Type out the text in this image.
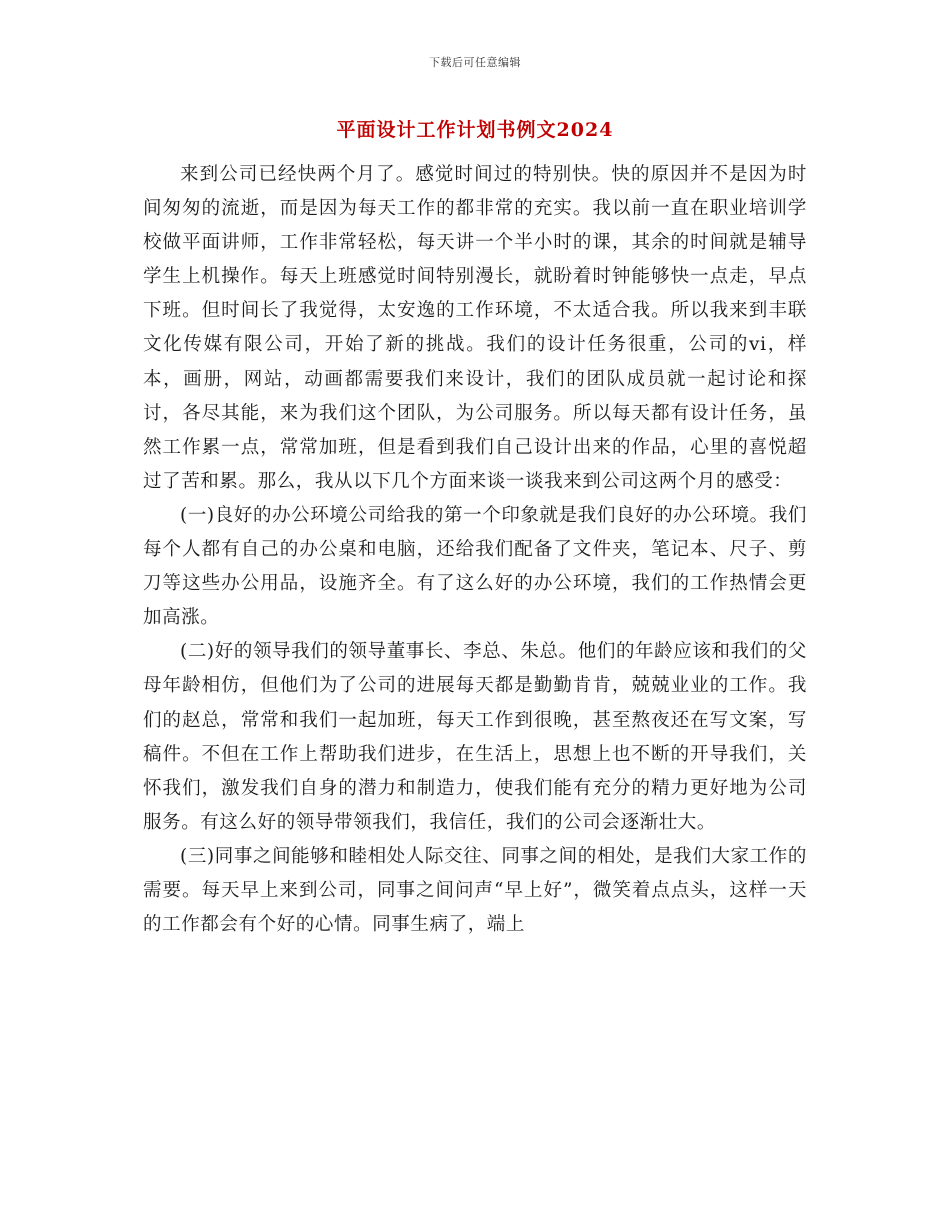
下载后可任意编辑
平面设计工作计划书例文2024

来到公司已经快两个月了。感觉时间过的特别快。快的原因并不是因为时间匆匆的流逝，而是因为每天工作的都非常的充实。我以前一直在职业培训学校做平面讲师，工作非常轻松，每天讲一个半小时的课，其余的时间就是辅导学生上机操作。每天上班感觉时间特别漫长，就盼着时钟能够快一点走，早点下班。但时间长了我觉得，太安逸的工作环境，不太适合我。所以我来到丰联文化传媒有限公司，开始了新的挑战。我们的设计任务很重，公司的vi，样本，画册，网站，动画都需要我们来设计，我们的团队成员就一起讨论和探讨，各尽其能，来为我们这个团队，为公司服务。所以每天都有设计任务，虽然工作累一点，常常加班，但是看到我们自己设计出来的作品，心里的喜悦超过了苦和累。那么，我从以下几个方面来谈一谈我来到公司这两个月的感受：

(一)良好的办公环境公司给我的第一个印象就是我们良好的办公环境。我们每个人都有自己的办公桌和电脑，还给我们配备了文件夹，笔记本、尺子、剪刀等这些办公用品，设施齐全。有了这么好的办公环境，我们的工作热情会更加高涨。

(二)好的领导我们的领导董事长、李总、朱总。他们的年龄应该和我们的父母年龄相仿，但他们为了公司的进展每天都是勤勤肯肯，兢兢业业的工作。我们的赵总，常常和我们一起加班，每天工作到很晚，甚至熬夜还在写文案，写稿件。不但在工作上帮助我们进步，在生活上，思想上也不断的开导我们，关怀我们，激发我们自身的潜力和制造力，使我们能有充分的精力更好地为公司服务。有这么好的领导带领我们，我信任，我们的公司会逐渐壮大。

(三)同事之间能够和睦相处人际交往、同事之间的相处，是我们大家工作的需要。每天早上来到公司，同事之间问声“早上好”，微笑着点点头，这样一天的工作都会有个好的心情。同事生病了，端上
